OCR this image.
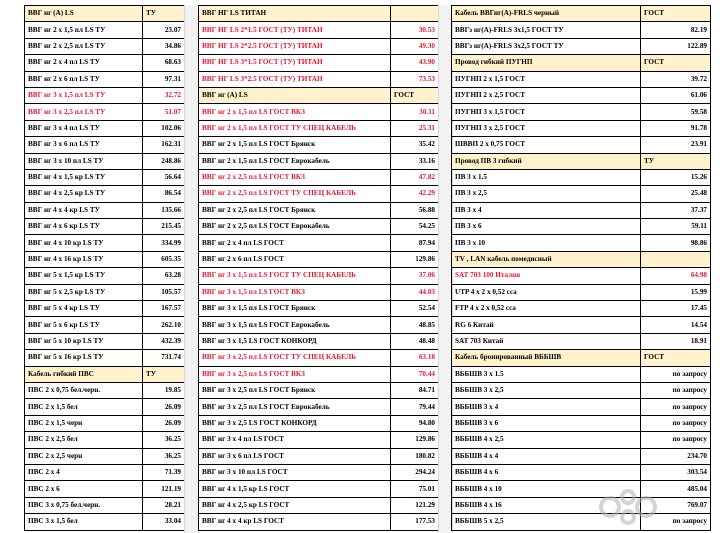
ВВГ нг (А) LS	ТУ
ВВГ нг 2 х 1,5 пл LS ТУ	23.07
ВВГ нг 2 х 2,5 пл LS ТУ	34.86
ВВГ нг 2 х 4 пл LS ТУ	68.63
ВВГ нг 2 х 6 пл LS ТУ	97.31
ВВГ нг 3 х 1,5 пл LS ТУ	32.72
ВВГ нг 3 х 2,5 пл LS ТУ	51.07
ВВГ нг 3 х 4 пл LS ТУ	102.06
ВВГ нг 3 х 6 пл LS ТУ	162.31
ВВГ нг 3 х 10 пл LS ТУ	248.86
ВВГ нг 4 х 1,5 кр LS ТУ	56.64
ВВГ нг 4 х 2,5 кр LS ТУ	86.54
ВВГ нг 4 х 4 кр LS ТУ	135.66
ВВГ нг 4 х 6 кр LS ТУ	215.45
ВВГ нг 4 х 10 кр LS ТУ	334.99
ВВГ нг 4 х 16 кр LS ТУ	605.35
ВВГ нг 5 х 1,5 кр LS ТУ	63.28
ВВГ нг 5 х 2,5 кр LS ТУ	105.57
ВВГ нг 5 х 4 кр LS ТУ	167.57
ВВГ нг 5 х 6 кр LS ТУ	262.10
ВВГ нг 5 х 10 кр LS ТУ	432.39
ВВГ нг 5 х 16 кр LS ТУ	731.74
Кабель гибкий ПВС	ТУ
ПВС 2 х 0,75 бел.черн.	19.85
ПВС 2 х 1,5 бел	26.09
ПВС 2 х 1,5 черн	26.09
ПВС 2 х 2,5 бел	36.25
ПВС 2 х 2,5 черн	36.25
ПВС 2 х 4	71.39
ПВС 2 х 6	121.19
ПВС 3 х 0,75 бел.черн.	28.21
ПВС 3 х 1,5 бел	33.04
ВВГ НГ LS ТИТАН	
ВВГ НГ LS 2*1.5 ГОСТ (ТУ) ТИТАН	30.53
ВВГ НГ LS 2*2.5 ГОСТ (ТУ) ТИТАН	49.30
ВВГ НГ LS 3*1.5 ГОСТ (ТУ) ТИТАН	43.90
ВВГ НГ LS 3*2.5 ГОСТ (ТУ) ТИТАН	73.53
ВВГ нг (А) LS	ГОСТ
ВВГ нг 2 х 1,5 пл LS ГОСТ ВКЗ	30.11
ВВГ нг 2 х 1,5 пл LS ГОСТ ТУ СПЕЦ КАБЕЛЬ	25.31
ВВГ нг 2 х 1,5 пл LS ГОСТ Брянск	35.42
ВВГ нг 2 х 1,5 пл LS ГОСТ Еврокабель	33.16
ВВГ нг 2 х 2,5 пл LS ГОСТ ВКЗ	47.82
ВВГ нг 2 х 2,5 пл LS ГОСТ ТУ СПЕЦ КАБЕЛЬ	42.29
ВВГ нг 2 х 2,5 пл LS ГОСТ Брянск	56.88
ВВГ нг 2 х 2,5 пл LS ГОСТ Еврокабель	54.25
ВВГ нг 2 х 4 пл LS ГОСТ	87.94
ВВГ нг 2 х 6 пл LS ГОСТ	129.86
ВВГ нг 3 х 1,5 пл LS ГОСТ ТУ СПЕЦ КАБЕЛЬ	37.06
ВВГ нг 3 х 1,5 пл LS ГОСТ ВКЗ	44.03
ВВГ нг 3 х 1,5 пл LS ГОСТ Брянск	52.54
ВВГ нг 3 х 1,5 пл LS ГОСТ Еврокабель	48.85
ВВГ нг 3 х 1,5 LS ГОСТ КОНКОРД	48.48
ВВГ нг 3 х 2,5 пл LS ГОСТ ТУ СПЕЦ КАБЕЛЬ	63.18
ВВГ нг 3 х 2,5 пл LS ГОСТ ВКЗ	70.44
ВВГ нг 3 х 2,5 пл LS ГОСТ Брянск	84.71
ВВГ нг 3 х 2,5 пл LS ГОСТ Еврокабель	79.44
ВВГ нг 3 х 2,5 LS ГОСТ КОНКОРД	94.80
ВВГ нг 3 х 4 пл LS ГОСТ	129.86
ВВГ нг 3 х 6 пл LS ГОСТ	180.82
ВВГ нг 3 х 10 пл LS ГОСТ	294.24
ВВГ нг 4 х 1,5 кр LS ГОСТ	75.01
ВВГ нг 4 х 2,5 кр LS ГОСТ	121.29
ВВГ нг 4 х 4 кр LS ГОСТ	177.53
Кабель ВВГнг(А)-FRLS черный	ГОСТ
ВВГз нг(А)-FRLS 3х1,5 ГОСТ ТУ	82.19
ВВГз нг(А)-FRLS 3х2,5 ГОСТ ТУ	122.89
Провод гибкий ПУГНП	ГОСТ
ПУГНП 2 х 1,5 ГОСТ	39.72
ПУГНП 2 х 2,5 ГОСТ	61.06
ПУГНП 3 х 1,5 ГОСТ	59.58
ПУГНП 3 х 2,5 ГОСТ	91.78
ШВВП 2 х 0,75 ГОСТ	23.91
Провод ПВ 3 гибкий	ТУ
ПВ 3 х 1.5	15.26
ПВ 3 х 2,5	25.48
ПВ 3 х 4	37.37
ПВ 3 х 6	59.11
ПВ 3 х 10	98.86
TV , LAN кабель помедисный	
SAT 703 100 Италия	64.98
UTP 4 х 2 х 0,52 cca	15.99
FTP 4 х 2 х 0,52 cca	17.45
RG 6 Китай	14.54
SAT 703 Китай	18.91
Кабель бронированный ВББШВ	ГОСТ
ВББШВ 3 х 1.5	по запросу
ВББШВ 3 х 2,5	по запросу
ВББШВ 3 х 4	по запросу
ВББШВ 3 х 6	по запросу
ВББШВ 4 х 2,5	по запросу
ВББШВ 4 х 4	234.70
ВББШВ 4 х 6	303.54
ВББШВ 4 х 10	485.04
ВББШВ 4 х 16	769.07
ВББШВ 5 х 2,5	по запросу
